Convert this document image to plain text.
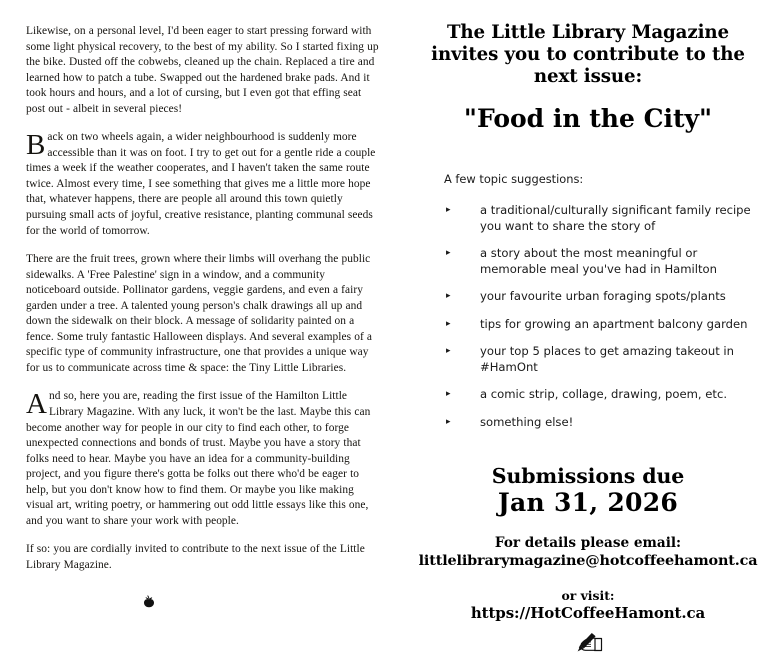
Likewise, on a personal level, I'd been eager to start pressing forward with some light physical recovery, to the best of my ability. So I started fixing up the bike. Dusted off the cobwebs, cleaned up the chain. Replaced a tire and learned how to patch a tube. Swapped out the hardened brake pads. And it took hours and hours, and a lot of cursing, but I even got that effing seat post out - albeit in several pieces!

Back on two wheels again, a wider neighbourhood is suddenly more accessible than it was on foot. I try to get out for a gentle ride a couple times a week if the weather cooperates, and I haven't taken the same route twice. Almost every time, I see something that gives me a little more hope that, whatever happens, there are people all around this town quietly pursuing small acts of joyful, creative resistance, planting communal seeds for the world of tomorrow.

There are the fruit trees, grown where their limbs will overhang the public sidewalks. A 'Free Palestine' sign in a window, and a community noticeboard outside. Pollinator gardens, veggie gardens, and even a fairy garden under a tree. A talented young person's chalk drawings all up and down the sidewalk on their block. A message of solidarity painted on a fence. Some truly fantastic Halloween displays. And several examples of a specific type of community infrastructure, one that provides a unique way for us to communicate across time & space: the Tiny Little Libraries.

And so, here you are, reading the first issue of the Hamilton Little Library Magazine. With any luck, it won't be the last. Maybe this can become another way for people in our city to find each other, to forge unexpected connections and bonds of trust. Maybe you have a story that folks need to hear. Maybe you have an idea for a community-building project, and you figure there's gotta be folks out there who'd be eager to help, but you don't know how to find them. Or maybe you like making visual art, writing poetry, or hammering out odd little essays like this one, and you want to share your work with people.

If so: you are cordially invited to contribute to the next issue of the Little Library Magazine.

The Little Library Magazine invites you to contribute to the next issue:
"Food in the City"
A few topic suggestions:
▸	a traditional/culturally significant family recipe you want to share the story of
▸	a story about the most meaningful or memorable meal you've had in Hamilton
▸	your favourite urban foraging spots/plants
▸	tips for growing an apartment balcony garden
▸	your top 5 places to get amazing takeout in #HamOnt
▸	a comic strip, collage, drawing, poem, etc.
▸	something else!
Submissions due
Jan 31, 2026
For details please email:
littlelibrarymagazine@hotcoffeehamont.ca
or visit:
https://HotCoffeeHamont.ca
